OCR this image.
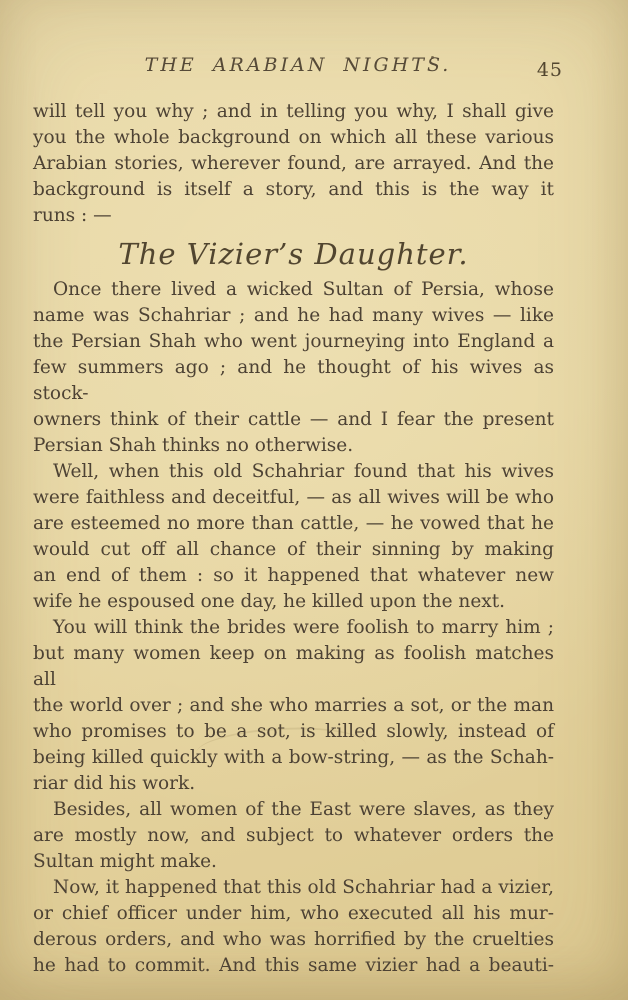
THE ARABIAN NIGHTS.	45
will tell you why ; and in telling you why, I shall give
you the whole background on which all these various
Arabian stories, wherever found, are arrayed. And the
background is itself a story, and this is the way it
runs : —
The Vizier’s Daughter.
Once there lived a wicked Sultan of Persia, whose
name was Schahriar ; and he had many wives — like
the Persian Shah who went journeying into England a
few summers ago ; and he thought of his wives as stock-
owners think of their cattle — and I fear the present
Persian Shah thinks no otherwise.
Well, when this old Schahriar found that his wives
were faithless and deceitful, — as all wives will be who
are esteemed no more than cattle, — he vowed that he
would cut off all chance of their sinning by making
an end of them : so it happened that whatever new
wife he espoused one day, he killed upon the next.
You will think the brides were foolish to marry him ;
but many women keep on making as foolish matches all
the world over ; and she who marries a sot, or the man
who promises to be a sot, is killed slowly, instead of
being killed quickly with a bow-string, — as the Schah-
riar did his work.
Besides, all women of the East were slaves, as they
are mostly now, and subject to whatever orders the
Sultan might make.
Now, it happened that this old Schahriar had a vizier,
or chief officer under him, who executed all his mur-
derous orders, and who was horrified by the cruelties
he had to commit. And this same vizier had a beauti-
